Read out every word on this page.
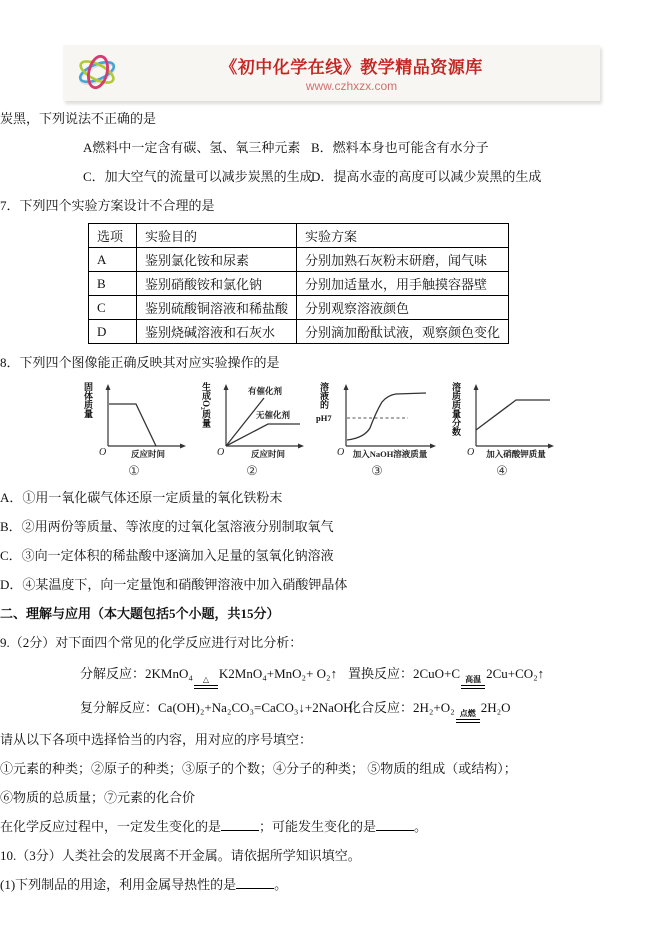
《初中化学在线》教学精品资源库
www.czhxzx.com

炭黑，下列说法不正确的是

A燃料中一定含有碳、氢、氧三种元素 B．燃料本身也可能含有水分子
C．加大空气的流量可以减步炭黑的生成
D．提高水壶的高度可以减少炭黑的生成

7．下列四个实验方案设计不合理的是

选项	实验目的	实验方案
A	鉴别氯化铵和尿素	分别加熟石灰粉末研磨，闻气味
B	鉴别硝酸铵和氯化钠	分别加适量水，用手触摸容器壁
C	鉴别硫酸铜溶液和稀盐酸	分别观察溶液颜色
D	鉴别烧碱溶液和石灰水	分别滴加酚酞试液，观察颜色变化

8．下列四个图像能正确反映其对应实验操作的是

固体质量
O	反应时间
①
生成O₂质量	有催化剂
无催化剂
O	反应时间
②
溶液的
pH7
O 加入NaOH溶液质量
③
溶质质量分数
O 加入硝酸钾质量
④

A．①用一氧化碳气体还原一定质量的氧化铁粉末

B．②用两份等质量、等浓度的过氧化氢溶液分别制取氧气

C．③向一定体积的稀盐酸中逐滴加入足量的氢氧化钠溶液

D．④某温度下，向一定量饱和硝酸钾溶液中加入硝酸钾晶体

二、理解与应用（本大题包括5个小题，共15分）

9.（2分）对下面四个常见的化学反应进行对比分析：

分解反应：2KMnO₄ △ K2MnO₄+MnO₂+ O₂↑ 置换反应：2CuO+C 高温 2Cu+CO₂↑
复分解反应：Ca(OH)₂+Na₂CO₃=CaCO₃↓+2NaOH
化合反应：2H₂+O₂ 点燃 2H₂O

请从以下各项中选择恰当的内容，用对应的序号填空：

①元素的种类；②原子的种类；③原子的个数；④分子的种类； ⑤物质的组成（或结构）；

⑥物质的总质量；⑦元素的化合价

在化学反应过程中，一定发生变化的是	；可能发生变化的是	。

10.（3分）人类社会的发展离不开金属。请依据所学知识填空。

(1)下列制品的用途，利用金属导热性的是	。
